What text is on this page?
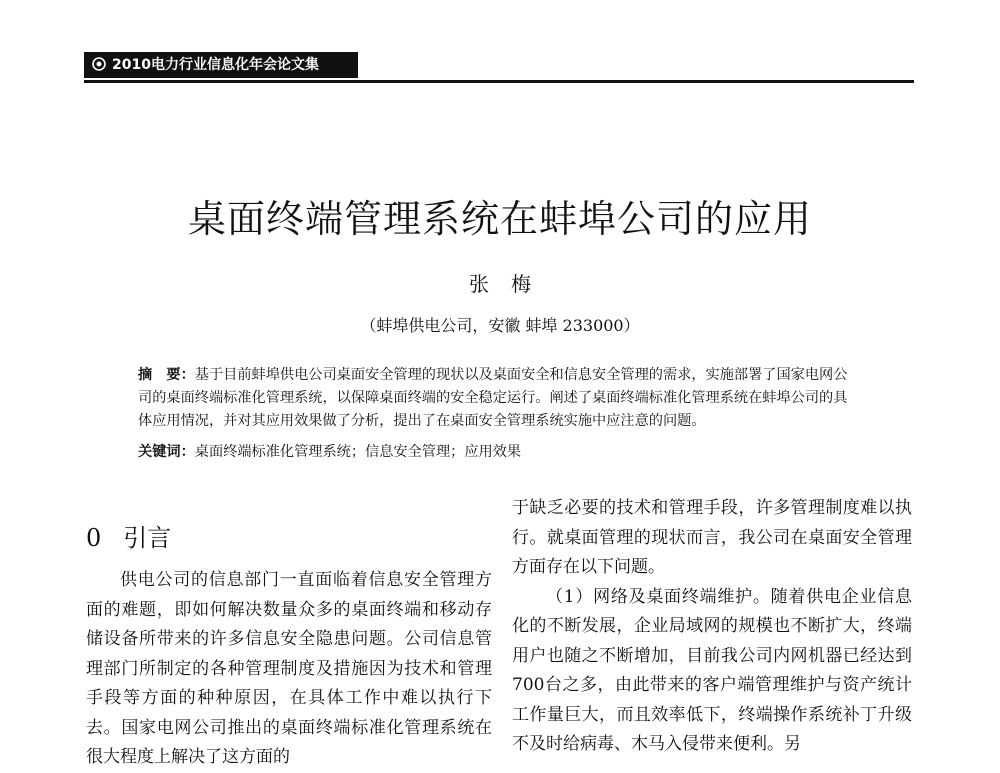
2010电力行业信息化年会论文集
桌面终端管理系统在蚌埠公司的应用
张梅
（蚌埠供电公司，安徽 蚌埠 233000）
摘　要：基于目前蚌埠供电公司桌面安全管理的现状以及桌面安全和信息安全管理的需求，实施部署了国家电网公司的桌面终端标准化管理系统，以保障桌面终端的安全稳定运行。阐述了桌面终端标准化管理系统在蚌埠公司的具体应用情况，并对其应用效果做了分析，提出了在桌面安全管理系统实施中应注意的问题。
关键词：桌面终端标准化管理系统；信息安全管理；应用效果
0 引言

供电公司的信息部门一直面临着信息安全管理方面的难题，即如何解决数量众多的桌面终端和移动存储设备所带来的许多信息安全隐患问题。公司信息管理部门所制定的各种管理制度及措施因为技术和管理手段等方面的种种原因，在具体工作中难以执行下去。国家电网公司推出的桌面终端标准化管理系统在很大程度上解决了这方面的

于缺乏必要的技术和管理手段，许多管理制度难以执行。就桌面管理的现状而言，我公司在桌面安全管理方面存在以下问题。

（1）网络及桌面终端维护。随着供电企业信息化的不断发展，企业局域网的规模也不断扩大，终端用户也随之不断增加，目前我公司内网机器已经达到700台之多，由此带来的客户端管理维护与资产统计工作量巨大，而且效率低下，终端操作系统补丁升级不及时给病毒、木马入侵带来便利。另
